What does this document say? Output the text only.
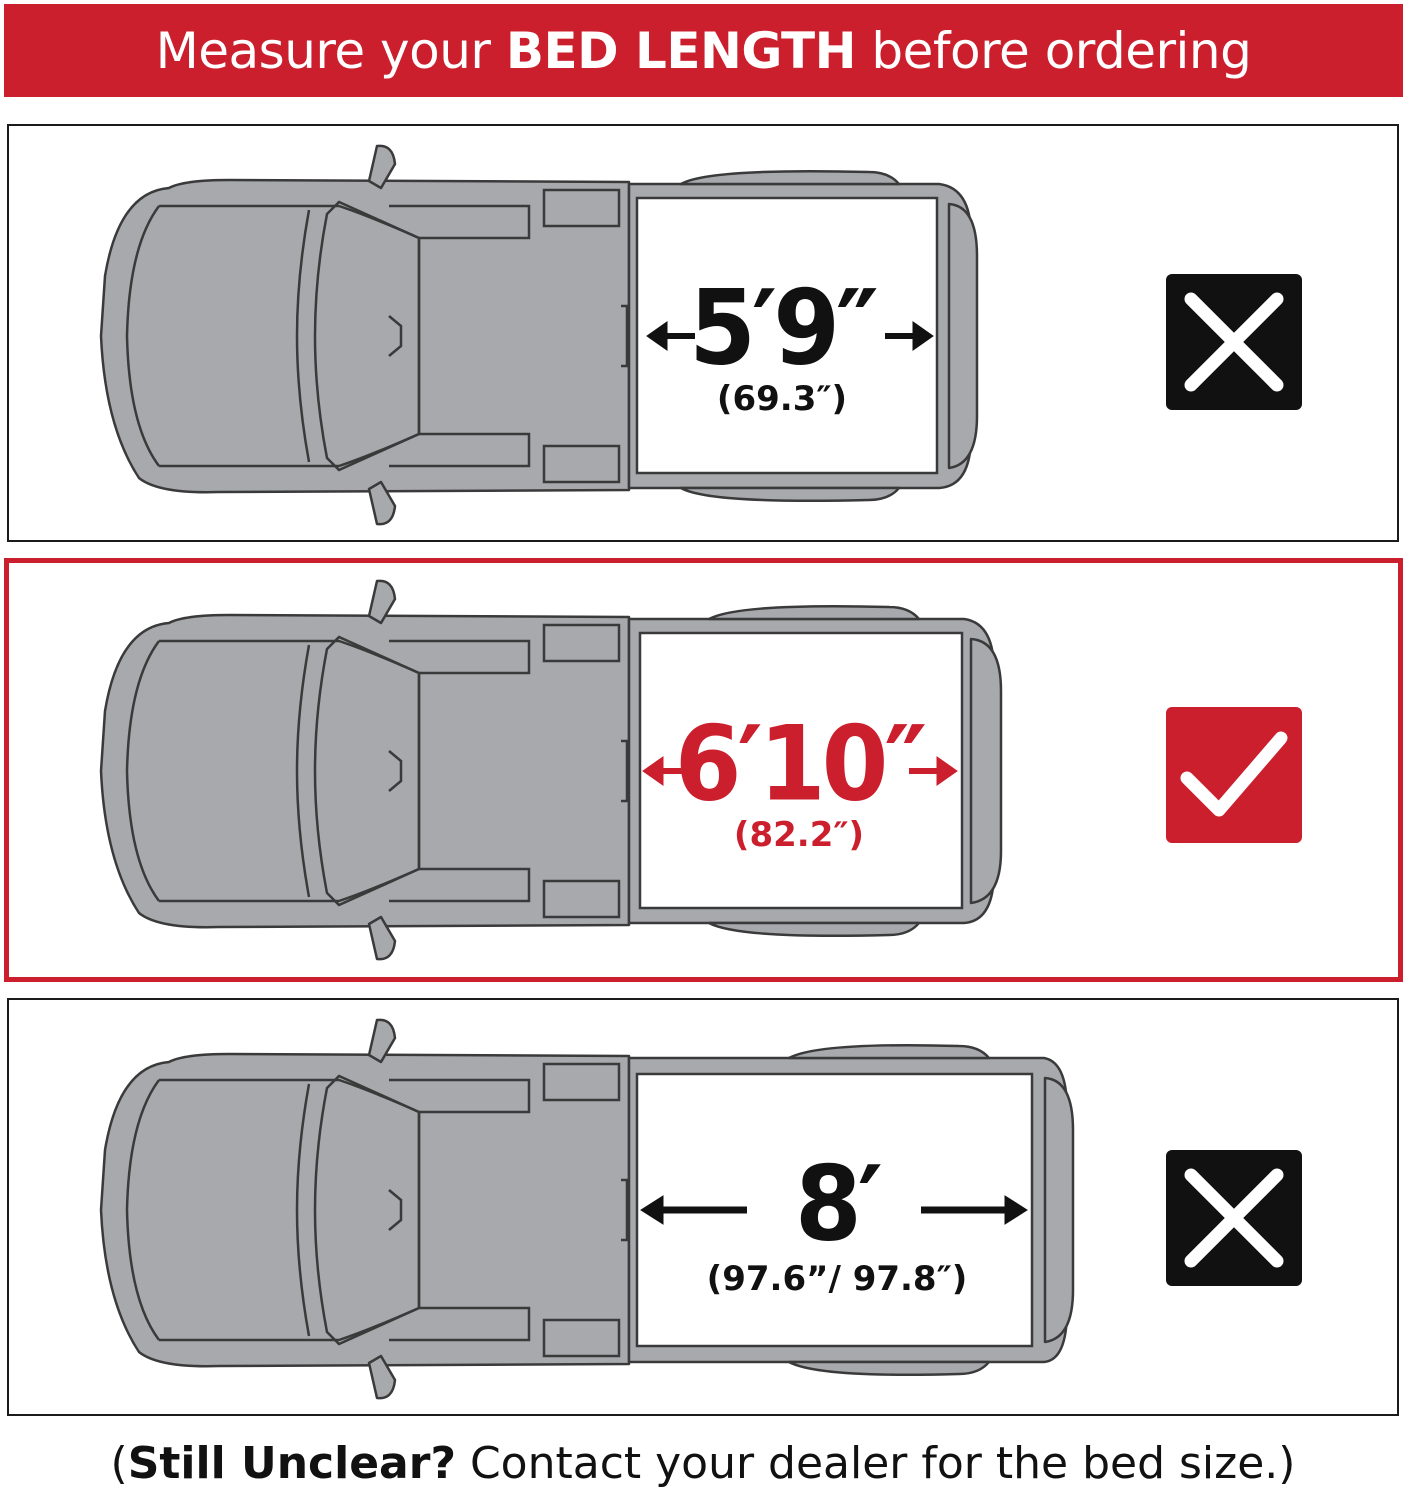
Measure your BED LENGTH before ordering
5′9″
(69.3″)
6′10″
(82.2″)
8′
(97.6”/ 97.8″)
(Still Unclear? Contact your dealer for the bed size.)
